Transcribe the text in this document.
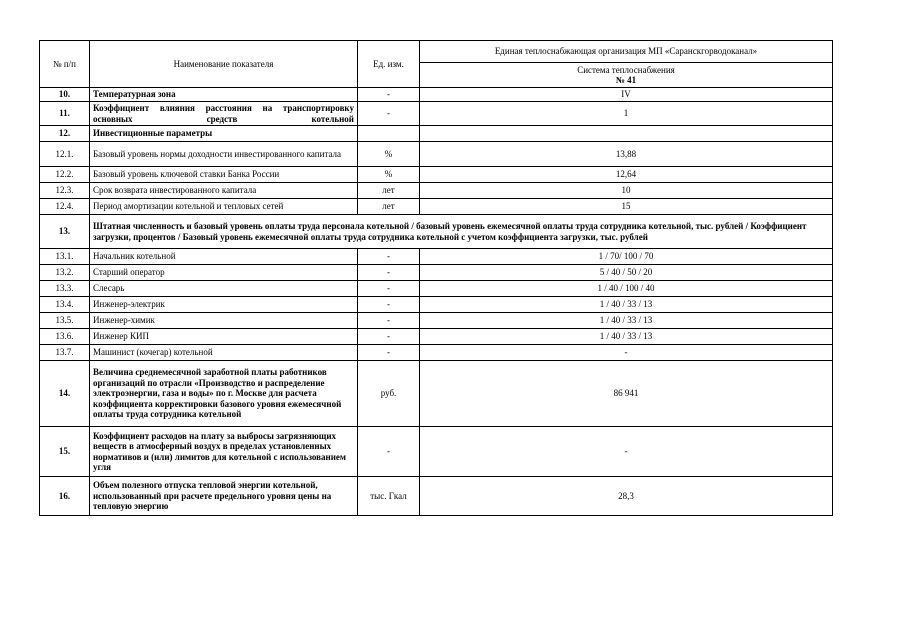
№ п/п	Наименование показателя	Ед. изм.	Единая теплоснабжающая организация МП «Саранскгорводоканал»
			Система теплоснабжения
№ 41
10.	Температурная зона	-	IV
11.	Коэффициент влияния расстояния на транспортировку основных средств котельной	-	1
12.	Инвестиционные параметры		
12.1.	Базовый уровень нормы доходности инвестированного капитала	%	13,88
12.2.	Базовый уровень ключевой ставки Банка России	%	12,64
12.3.	Срок возврата инвестированного капитала	лет	10
12.4.	Период амортизации котельной и тепловых сетей	лет	15
13.	Штатная численность и базовый уровень оплаты труда персонала котельной / базовый уровень ежемесячной оплаты труда сотрудника котельной, тыс. рублей / Коэффициент загрузки, процентов / Базовый уровень ежемесячной оплаты труда сотрудника котельной с учетом коэффициента загрузки, тыс. рублей		
13.1.	Начальник котельной	-	1 / 70/ 100 / 70
13.2.	Старший оператор	-	5 / 40 / 50 / 20
13.3.	Слесарь	-	1 / 40 / 100 / 40
13.4.	Инженер-электрик	-	1 / 40 / 33 / 13
13.5.	Инженер-химик	-	1 / 40 / 33 / 13
13.6.	Инженер КИП	-	1 / 40 / 33 / 13
13.7.	Машинист (кочегар) котельной	-	-
14.	Величина среднемесячной заработной платы работников организаций по отрасли «Производство и распределение электроэнергии, газа и воды» по г. Москве для расчета коэффициента корректировки базового уровня ежемесячной оплаты труда сотрудника котельной	руб.	86 941
15.	Коэффициент расходов на плату за выбросы загрязняющих веществ в атмосферный воздух в пределах установленных нормативов и (или) лимитов для котельной с использованием угля	-	-
16.	Объем полезного отпуска тепловой энергии котельной, использованный при расчете предельного уровня цены на тепловую энергию	тыс. Гкал	28,3
